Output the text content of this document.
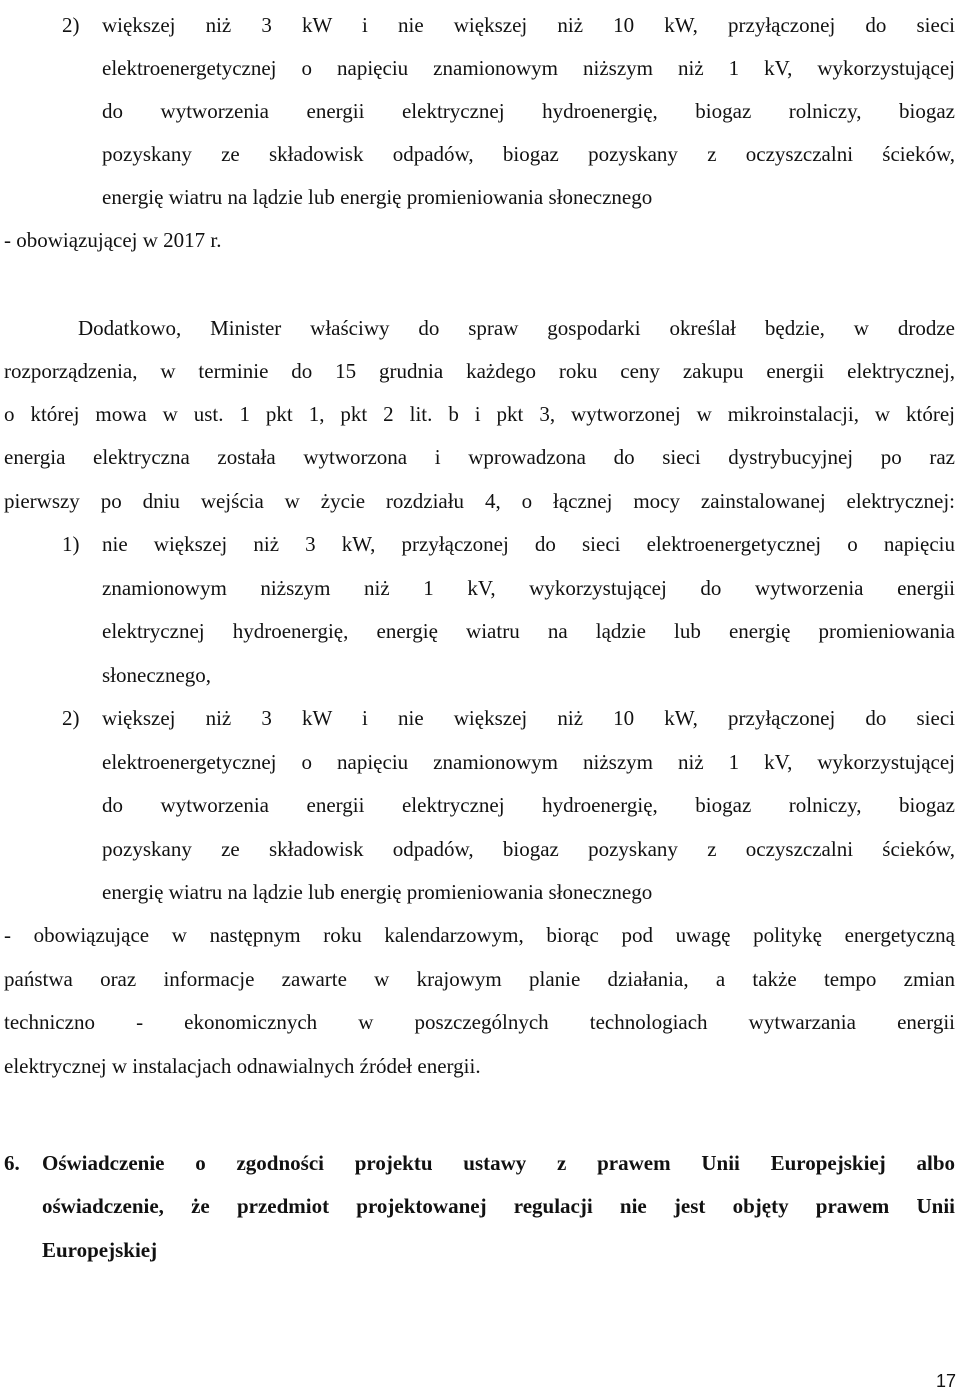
2) większej niż 3 kW i nie większej niż 10 kW, przyłączonej do sieci
elektroenergetycznej o napięciu znamionowym niższym niż 1 kV, wykorzystującej
do wytworzenia energii elektrycznej hydroenergię, biogaz rolniczy, biogaz
pozyskany ze składowisk odpadów, biogaz pozyskany z oczyszczalni ścieków,
energię wiatru na lądzie lub energię promieniowania słonecznego
- obowiązującej w 2017 r.
Dodatkowo, Minister właściwy do spraw gospodarki określał będzie, w drodze
rozporządzenia, w terminie do 15 grudnia każdego roku ceny zakupu energii elektrycznej,
o której mowa w ust. 1 pkt 1, pkt 2 lit. b i pkt 3, wytworzonej w mikroinstalacji, w której
energia elektryczna została wytworzona i wprowadzona do sieci dystrybucyjnej po raz
pierwszy po dniu wejścia w życie rozdziału 4, o łącznej mocy zainstalowanej elektrycznej:
1) nie większej niż 3 kW, przyłączonej do sieci elektroenergetycznej o napięciu
znamionowym niższym niż 1 kV, wykorzystującej do wytworzenia energii
elektrycznej hydroenergię, energię wiatru na lądzie lub energię promieniowania
słonecznego,
2) większej niż 3 kW i nie większej niż 10 kW, przyłączonej do sieci
elektroenergetycznej o napięciu znamionowym niższym niż 1 kV, wykorzystującej
do wytworzenia energii elektrycznej hydroenergię, biogaz rolniczy, biogaz
pozyskany ze składowisk odpadów, biogaz pozyskany z oczyszczalni ścieków,
energię wiatru na lądzie lub energię promieniowania słonecznego
- obowiązujące w następnym roku kalendarzowym, biorąc pod uwagę politykę energetyczną
państwa oraz informacje zawarte w krajowym planie działania, a także tempo zmian
techniczno - ekonomicznych w poszczególnych technologiach wytwarzania energii
elektrycznej w instalacjach odnawialnych źródeł energii.
6. Oświadczenie o zgodności projektu ustawy z prawem Unii Europejskiej albo
oświadczenie, że przedmiot projektowanej regulacji nie jest objęty prawem Unii
Europejskiej
17
